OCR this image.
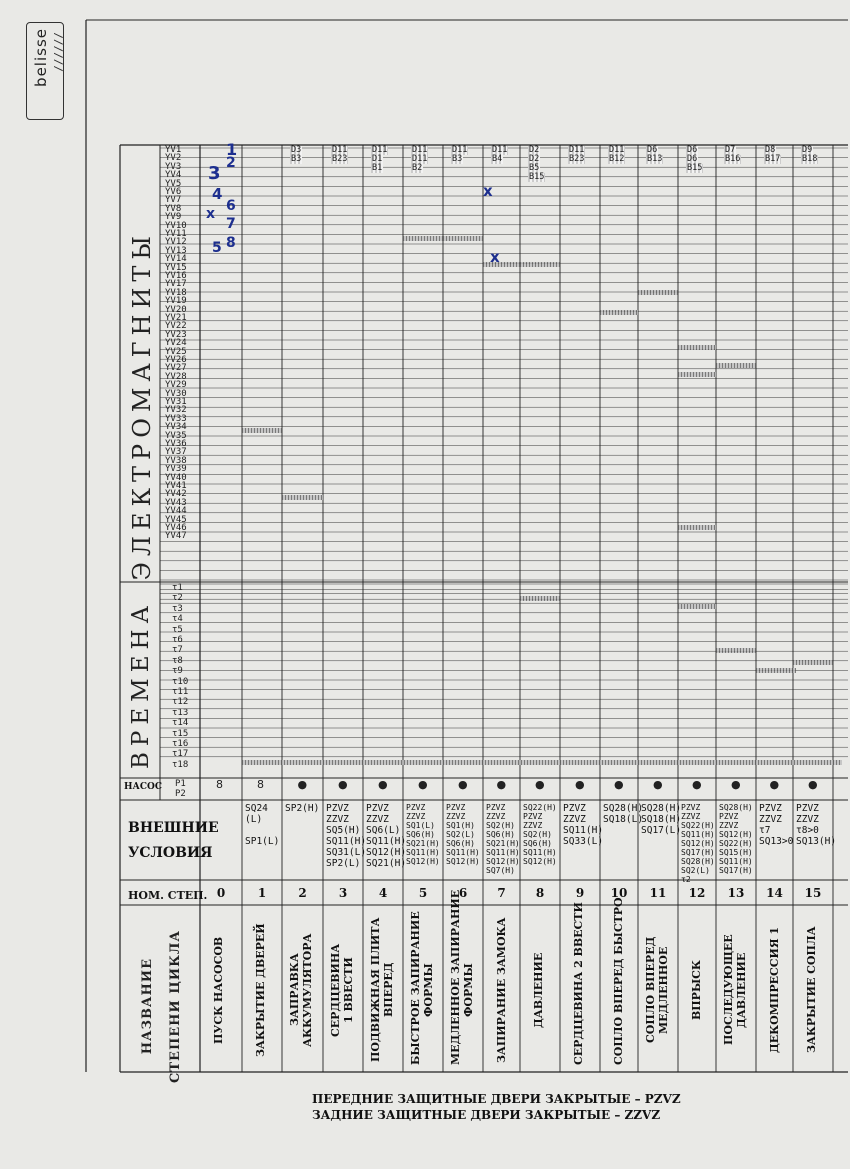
belisse //////
ЭЛЕКТРОМАГНИТЫ
ВРЕМЕНА
НАСОС
ВНЕШНИЕ
УСЛОВИЯ
НОМ. СТЕП.
НАЗВАНИЕ СТЕПЕНИ ЦИКЛА
YV1
YV2
YV3
YV4
YV5
YV6
YV7
YV8
YV9
YV10
YV11
YV12
YV13
YV14
YV15
YV16
YV17
YV18
YV19
YV20
YV21
YV22
YV23
YV24
YV25
YV26
YV27
YV28
YV29
YV30
YV31
YV32
YV33
YV34
YV35
YV36
YV37
YV38
YV39
YV40
YV41
YV42
YV43
YV44
YV45
YV46
YV47
τ1
τ2
τ3
τ4
τ5
τ6
τ7
τ8
τ9
τ10
τ11
τ12
τ13
τ14
τ15
τ16
τ17
τ18
P1
P2
0
ПУСК НАСОСОВ
8
SQ24
(L)

SP1(L)
1
ЗАКРЫТИЕ ДВЕРЕЙ
8
SP2(H)
2
ЗАПРАВКА
АККУМУЛЯТОРА
●
PZVZ
ZZVZ
SQ5(H)
SQ11(H)
SQ31(L)
SP2(L)
3
СЕРДЦЕВИНА
1 ВВЕСТИ
●
PZVZ
ZZVZ
SQ6(L)
SQ11(H)
SQ12(H)
SQ21(H)
4
ПОДВИЖНАЯ ПЛИТА
ВПЕРЕД
●
PZVZ
ZZVZ
SQ1(L)
SQ6(H)
SQ21(H)
SQ11(H)
SQ12(H)
5
БЫСТРОЕ ЗАПИРАНИЕ
ФОРМЫ
●
PZVZ
ZZVZ
SQ1(H)
SQ2(L)
SQ6(H)
SQ11(H)
SQ12(H)
6
МЕДЛЕННОЕ ЗАПИРАНИЕ
ФОРМЫ
●
PZVZ
ZZVZ
SQ2(H)
SQ6(H)
SQ21(H)
SQ11(H)
SQ12(H)
SQ7(H)
7
ЗАПИРАНИЕ ЗАМОКА
●
SQ22(H)
PZVZ
ZZVZ
SQ2(H)
SQ6(H)
SQ11(H)
SQ12(H)
8
ДАВЛЕНИЕ
●
PZVZ
ZZVZ
SQ11(H)
SQ33(L)
9
СЕРДЦЕВИНА 2 ВВЕСТИ
●
SQ28(H)
SQ18(L)
10
СОПЛО ВПЕРЕД БЫСТРО
●
SQ28(H)
SQ18(H)
SQ17(L)
11
СОПЛО ВПЕРЕД
МЕДЛЕННОЕ
●
PZVZ
ZZVZ
SQ22(H)
SQ11(H)
SQ12(H)
SQ17(H)
SQ28(H)
SQ2(L)
τ2
12
ВПРЫСК
●
SQ28(H)
PZVZ
ZZVZ
SQ12(H)
SQ22(H)
SQ15(H)
SQ11(H)
SQ17(H)
13
ПОСЛЕДУЮЩЕЕ
ДАВЛЕНИЕ
●
PZVZ
ZZVZ
τ7
SQ13>0
14
ДЕКОМПРЕССИЯ 1
●
PZVZ
ZZVZ
τ8>0
SQ13(H)
15
ЗАКРЫТИЕ СОПЛА
●
D3
B3
D11
B23
D11
D1
B1
D11
D11
B2
D11
B3
D11
B4
D2
D2
B5
B15
D11
B23
D11
B12
D6
B13
D6
D6
B15
D7
B16
D8
B17
D9
B18
1
2
3
4
5
6
7
8
x
x
x
ПЕРЕДНИЕ ЗАЩИТНЫЕ ДВЕРИ ЗАКРЫТЫЕ – PZVZ
ЗАДНИЕ ЗАЩИТНЫЕ ДВЕРИ ЗАКРЫТЫЕ – ZZVZ
